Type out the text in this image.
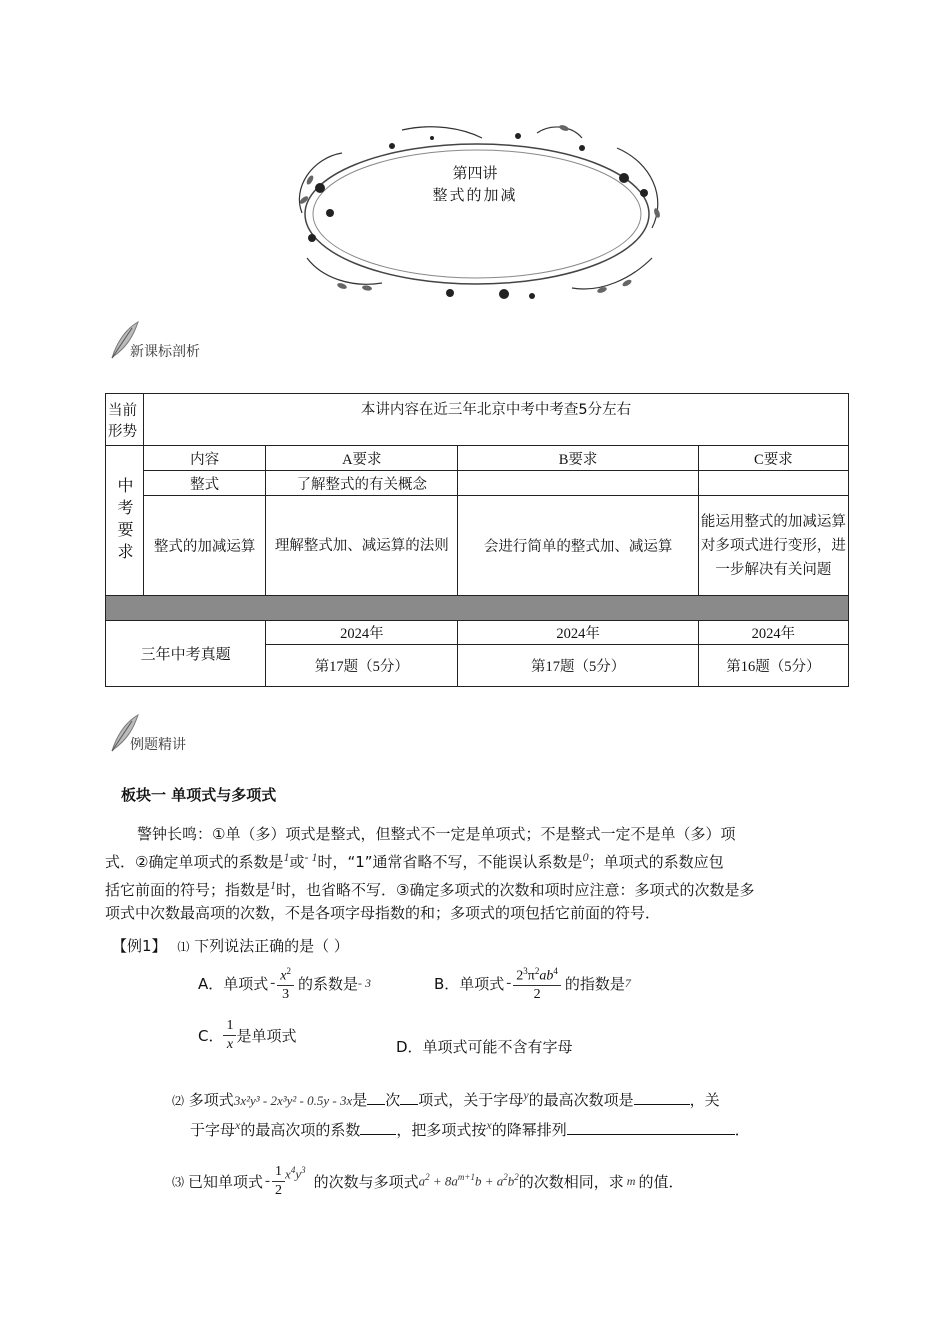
第四讲
整式的加减
新课标剖析
当前形势	本讲内容在近三年北京中考中考查5分左右			
中考要求	内容	A要求	B要求	C要求
	整式	了解整式的有关概念		
	整式的加减运算	理解整式加、减运算的法则	会进行简单的整式加、减运算	能运用整式的加减运算对多项式进行变形，进一步解决有关问题

三年中考真题		2024年	2024年	2024年
		第17题（5分）	第17题（5分）	第16题（5分）
例题精讲
板块一 单项式与多项式
警钟长鸣：①单（多）项式是整式，但整式不一定是单项式；不是整式一定不是单（多）项
式．②确定单项式的系数是$^1$或$^{- 1}$时，“1”通常省略不写，不能误认系数是$^0$；单项式的系数应包
括它前面的符号；指数是$^1$时，也省略不写．③确定多项式的次数和项时应注意：多项式的次数是多
项式中次数最高项的次数，不是各项字母指数的和；多项式的项包括它前面的符号．
【例1】 ⑴ 下列说法正确的是（ ）
A．单项式 - $\frac{x^2}{3}$ 的系数是 - 3	B．单项式 - $\frac{2^3\pi^2ab^4}{2}$ 的指数是 7
C． $\frac{1}{x}$ 是单项式
D．单项式可能不含有字母
⑵ 多项式3x²y³ - 2x³y² - 0.5y - 3x是 次 项式，关于字母$^y$的最高次数项是	，关
于字母$^x$的最高次项的系数 ，把多项式按$^x$的降幂排列	．
⑶ 已知单项式 - $\frac{1}{2} x^4y^3$
的次数与多项式 $a^2 + 8a^{m+1}b + a^2b^2$ 的次数相同，求 m 的值．
